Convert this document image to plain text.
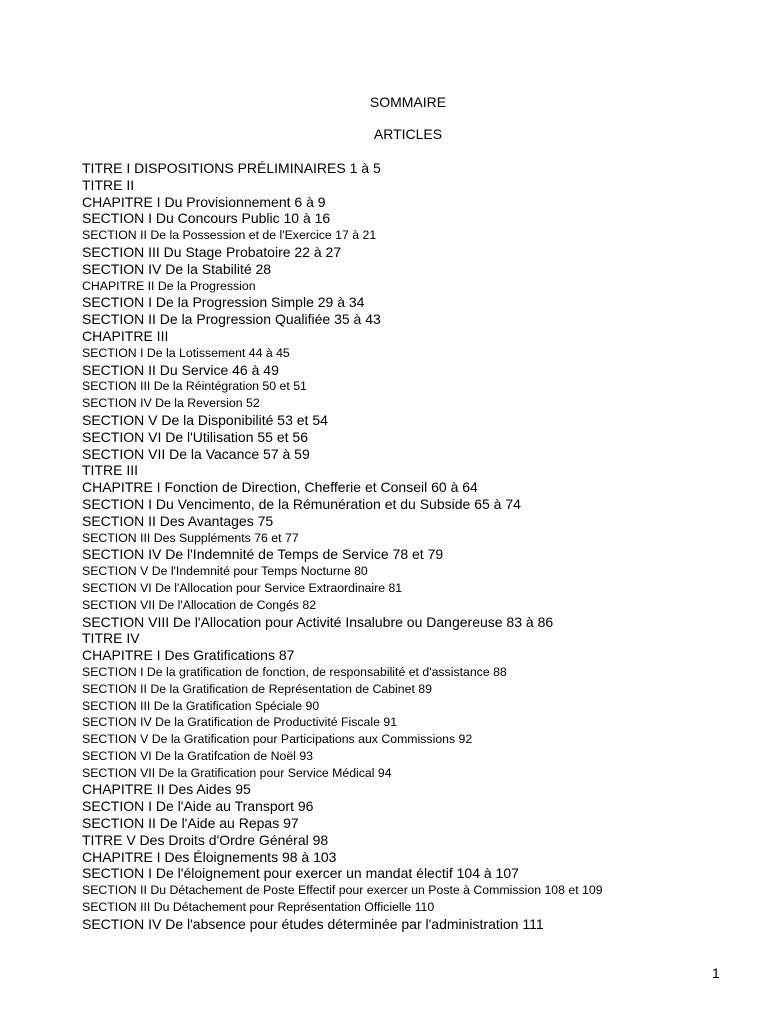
SOMMAIRE
ARTICLES
TITRE I DISPOSITIONS PRÉLIMINAIRES 1 à 5
TITRE II
CHAPITRE I Du Provisionnement 6 à 9
SECTION I Du Concours Public 10 à 16
SECTION II De la Possession et de l'Exercice 17 à 21
SECTION III Du Stage Probatoire 22 à 27
SECTION IV De la Stabilité 28
CHAPITRE II De la Progression
SECTION I De la Progression Simple 29 à 34
SECTION II De la Progression Qualifiée 35 à 43
CHAPITRE III
SECTION I De la Lotissement 44 à 45
SECTION II Du Service 46 à 49
SECTION III De la Réintégration 50 et 51
SECTION IV De la Reversion 52
SECTION V De la Disponibilité 53 et 54
SECTION VI De l'Utilisation 55 et 56
SECTION VII De la Vacance 57 à 59
TITRE III
CHAPITRE I Fonction de Direction, Chefferie et Conseil 60 à 64
SECTION I Du Vencimento, de la Rémunération et du Subside 65 à 74
SECTION II Des Avantages 75
SECTION III Des Suppléments 76 et 77
SECTION IV De l'Indemnité de Temps de Service 78 et 79
SECTION V De l'Indemnité pour Temps Nocturne 80
SECTION VI De l'Allocation pour Service Extraordinaire 81
SECTION VII De l'Allocation de Congés 82
SECTION VIII De l'Allocation pour Activité Insalubre ou Dangereuse 83 à 86
TITRE IV
CHAPITRE I Des Gratifications 87
SECTION I De la gratification de fonction, de responsabilité et d'assistance 88
SECTION II De la Gratification de Représentation de Cabinet 89
SECTION III De la Gratification Spéciale 90
SECTION IV De la Gratification de Productivité Fiscale 91
SECTION V De la Gratification pour Participations aux Commissions 92
SECTION VI De la Gratifcation de Noël 93
SECTION VII De la Gratification pour Service Médical 94
CHAPITRE II Des Aides 95
SECTION I De l'Aide au Transport 96
SECTION II De l'Aide au Repas 97
TITRE V Des Droits d'Ordre Général 98
CHAPITRE I Des Éloignements 98 à 103
SECTION I De l'éloignement pour exercer un mandat électif 104 à 107
SECTION II Du Détachement de Poste Effectif pour exercer un Poste à Commission 108 et 109
SECTION III Du Détachement pour Représentation Officielle 110
SECTION IV De l'absence pour études déterminée par l'administration 111
1
